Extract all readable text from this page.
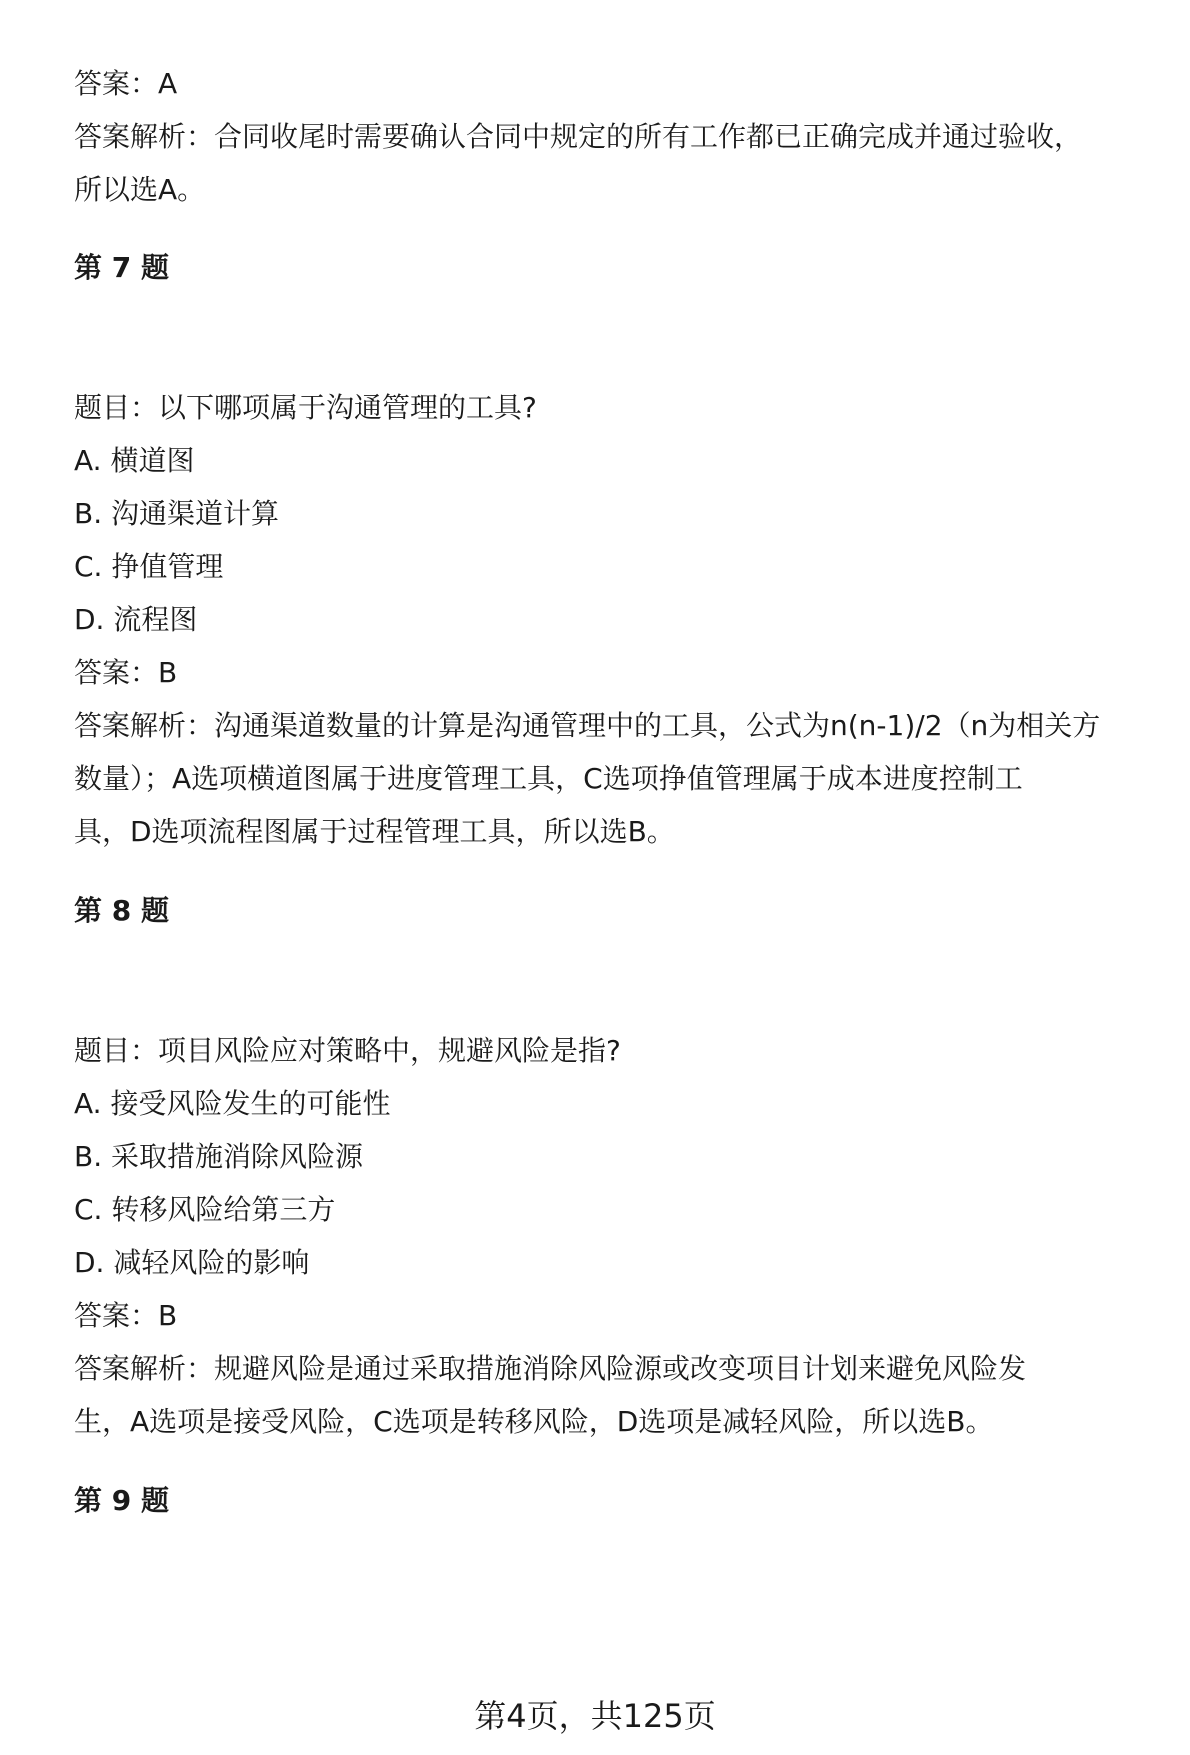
答案：A
答案解析：合同收尾时需要确认合同中规定的所有工作都已正确完成并通过验收，
所以选A。
第 7 题
题目：以下哪项属于沟通管理的工具?
A. 横道图
B. 沟通渠道计算
C. 挣值管理
D. 流程图
答案：B
答案解析：沟通渠道数量的计算是沟通管理中的工具，公式为n(n-1)/2（n为相关方
数量）；A选项横道图属于进度管理工具，C选项挣值管理属于成本进度控制工
具，D选项流程图属于过程管理工具，所以选B。
第 8 题
题目：项目风险应对策略中，规避风险是指?
A. 接受风险发生的可能性
B. 采取措施消除风险源
C. 转移风险给第三方
D. 减轻风险的影响
答案：B
答案解析：规避风险是通过采取措施消除风险源或改变项目计划来避免风险发
生，A选项是接受风险，C选项是转移风险，D选项是减轻风险，所以选B。
第 9 题
第4页，共125页
